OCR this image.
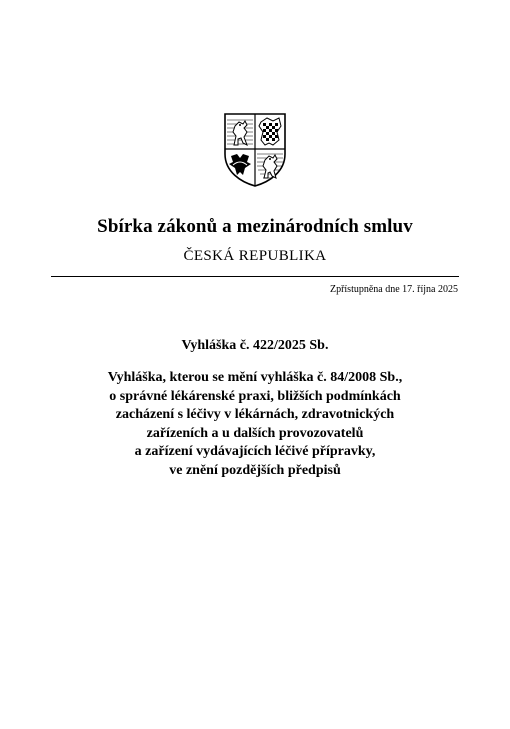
Sbírka zákonů a mezinárodních smluv
ČESKÁ REPUBLIKA
Zpřístupněna dne 17. října 2025
Vyhláška č. 422/2025 Sb.
Vyhláška, kterou se mění vyhláška č. 84/2008 Sb.,
o správné lékárenské praxi, bližších podmínkách
zacházení s léčivy v lékárnách, zdravotnických
zařízeních a u dalších provozovatelů
a zařízení vydávajících léčivé přípravky,
ve znění pozdějších předpisů
